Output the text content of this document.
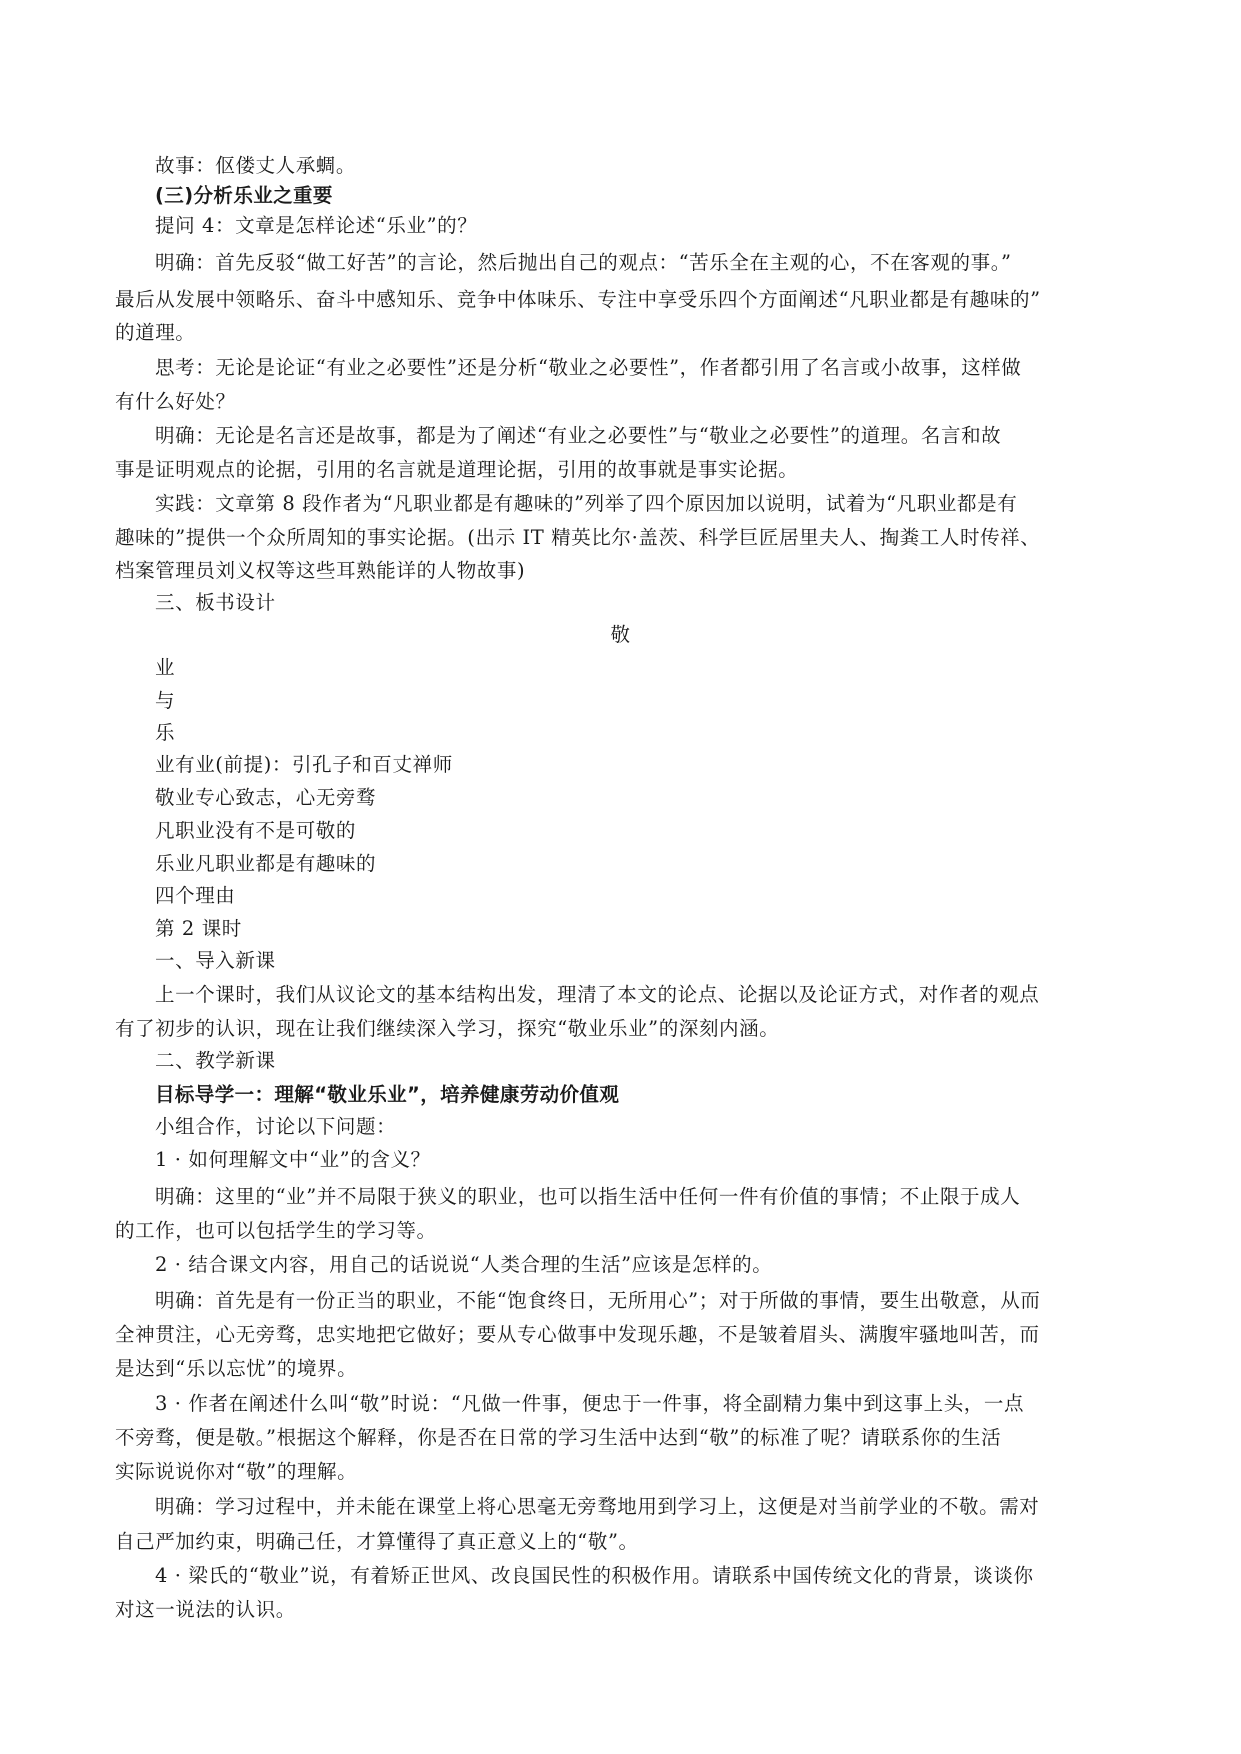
故事：伛偻丈人承蜩。
(三)分析乐业之重要
提问 4：文章是怎样论述“乐业”的？
明确：首先反驳“做工好苦”的言论，然后抛出自己的观点：“苦乐全在主观的心，不在客观的事。”
最后从发展中领略乐、奋斗中感知乐、竞争中体味乐、专注中享受乐四个方面阐述“凡职业都是有趣味的”
的道理。
思考：无论是论证“有业之必要性”还是分析“敬业之必要性”，作者都引用了名言或小故事，这样做
有什么好处？
明确：无论是名言还是故事，都是为了阐述“有业之必要性”与“敬业之必要性”的道理。名言和故
事是证明观点的论据，引用的名言就是道理论据，引用的故事就是事实论据。
实践：文章第 8 段作者为“凡职业都是有趣味的”列举了四个原因加以说明，试着为“凡职业都是有
趣味的”提供一个众所周知的事实论据。(出示 IT 精英比尔·盖茨、科学巨匠居里夫人、掏粪工人时传祥、
档案管理员刘义权等这些耳熟能详的人物故事)
三、板书设计
敬
业
与
乐
业有业(前提)：引孔子和百丈禅师
敬业专心致志，心无旁骛
凡职业没有不是可敬的
乐业凡职业都是有趣味的
四个理由
第 2 课时
一、导入新课
上一个课时，我们从议论文的基本结构出发，理清了本文的论点、论据以及论证方式，对作者的观点
有了初步的认识，现在让我们继续深入学习，探究“敬业乐业”的深刻内涵。
二、教学新课
目标导学一：理解“敬业乐业”，培养健康劳动价值观
小组合作，讨论以下问题：
1 · 如何理解文中“业”的含义？
明确：这里的“业”并不局限于狭义的职业，也可以指生活中任何一件有价值的事情；不止限于成人
的工作，也可以包括学生的学习等。
2 · 结合课文内容，用自己的话说说“人类合理的生活”应该是怎样的。
明确：首先是有一份正当的职业，不能“饱食终日，无所用心”；对于所做的事情，要生出敬意，从而
全神贯注，心无旁骛，忠实地把它做好；要从专心做事中发现乐趣，不是皱着眉头、满腹牢骚地叫苦，而
是达到“乐以忘忧”的境界。
3 · 作者在阐述什么叫“敬”时说：“凡做一件事，便忠于一件事，将全副精力集中到这事上头，一点
不旁骛，便是敬。”根据这个解释，你是否在日常的学习生活中达到“敬”的标准了呢？请联系你的生活
实际说说你对“敬”的理解。
明确：学习过程中，并未能在课堂上将心思毫无旁骛地用到学习上，这便是对当前学业的不敬。需对
自己严加约束，明确己任，才算懂得了真正意义上的“敬”。
4 · 梁氏的“敬业”说，有着矫正世风、改良国民性的积极作用。请联系中国传统文化的背景，谈谈你
对这一说法的认识。
